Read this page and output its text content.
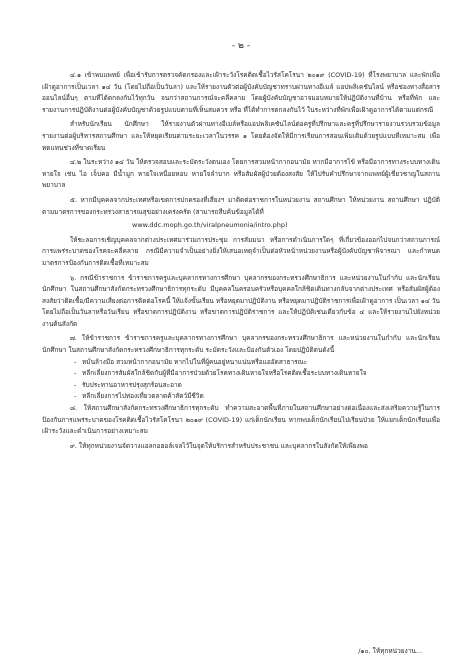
- ๒ -

๔.๑ เข้าพบแพทย์ เพื่อเข้ารับการตรวจคัดกรองและเฝ้าระวังโรคติดเชื้อไวรัสโคโรนา ๒๐๑๙ (COVID-19) ที่โรงพยาบาล และพักเพื่อเฝ้าดูอาการเป็นเวลา ๑๔ วัน (โดยไม่ถือเป็นวันลา) และให้รายงานตัวต่อผู้บังคับบัญชาทราบผ่านทางอีเมล์ แอปพลิเคชันไลน์ หรือช่องทางสื่อสารออนไลน์อื่นๆ ตามที่ได้ตกลงกันไว้ทุกวัน จนกว่าสถานการณ์จะคลี่คลาย โดยผู้บังคับบัญชาอาจมอบหมายให้ปฏิบัติงานที่บ้าน หรือที่พัก และรายงานการปฏิบัติงานต่อผู้บังคับบัญชาด้วยรูปแบบตามที่เห็นสมควร หรือ ที่ได้ทำการตกลงกันไว้ ในระหว่างที่พักเพื่อเฝ้าดูอาการได้ตามแต่กรณี

สำหรับนักเรียน นักศึกษา ให้รายงานตัวผ่านทางอีเมล์หรือแอปพลิเคชันไลน์ต่อครูที่ปรึกษาและครูที่ปรึกษารายงานรวบรวมข้อมูลรายงานต่อผู้บริหารสถานศึกษา และให้หยุดเรียนตามระยะเวลาในวรรค ๑ โดยต้องจัดให้มีการเรียนการสอนเพิ่มเติมด้วยรูปแบบที่เหมาะสม เพื่อทดแทนช่วงที่ขาดเรียน

๔.๒ ในระหว่าง ๑๔ วัน ให้ตรวจสอบและระมัดระวังตนเอง โดยการสวมหน้ากากอนามัย หากมีอาการไข้ หรือมีอาการทางระบบทางเดินหายใจ เช่น ไอ เจ็บคอ มีน้ำมูก หายใจเหนื่อยหอบ หายใจลำบาก หรือสัมผัสผู้ป่วยต้องสงสัย ให้ไปรับคำปรึกษาจากแพทย์ผู้เชี่ยวชาญในสถานพยาบาล

๕. หากมีบุคคลจากประเทศหรือเขตการปกครองที่เสี่ยงฯ มาติดต่อราชการในหน่วยงาน สถานศึกษา ให้หน่วยงาน สถานศึกษา ปฏิบัติตามมาตรการของกระทรวงสาธารณสุขอย่างเคร่งครัด (สามารถสืบค้นข้อมูลได้ที่

www.ddc.moph.go.th/viralpneumonia/intro.php)

ให้ชะลอการเชิญบุคคลจากต่างประเทศมาร่วมการประชุม การสัมมนา หรือการดำเนินการใดๆ ที่เกี่ยวข้องออกไปจนกว่าสถานการณ์การแพร่ระบาดของโรคจะคลี่คลาย กรณีมีความจำเป็นอย่างยิ่งให้เสนอเหตุจำเป็นต่อหัวหน้าหน่วยงานหรือผู้บังคับบัญชาพิจารณา และกำหนดมาตรการป้องกันการติดเชื้อที่เหมาะสม

๖. กรณีข้าราชการ ข้าราชการครูและบุคลากรทางการศึกษา บุคลากรของกระทรวงศึกษาธิการ และหน่วยงานในกำกับ และนักเรียน นักศึกษา ในสถานศึกษาสังกัดกระทรวงศึกษาธิการทุกระดับ มีบุคคลในครอบครัวหรือบุคคลใกล้ชิดเดินทางกลับจากต่างประเทศ หรือสัมผัสผู้ต้องสงสัยว่าติดเชื้อ/มีความเสี่ยงต่อการติดต่อโรคนี้ ให้แจ้งขั้นเรียน หรือหยุดมาปฏิบัติงาน หรือหยุดมาปฏิบัติราชการเพื่อเฝ้าดูอาการ เป็นเวลา ๑๔ วัน โดยไม่ถือเป็นวันลาหรือวันเรียน หรือขาดการปฏิบัติงาน หรือขาดการปฏิบัติราชการ และให้ปฏิบัติเช่นเดียวกับข้อ ๔ และให้รายงานไปยังหน่วยงานต้นสังกัด

๗. ให้ข้าราชการ ข้าราชการครูและบุคลากรทางการศึกษา บุคลากรของกระทรวงศึกษาธิการ และหน่วยงานในกำกับ และนักเรียน นักศึกษา ในสถานศึกษาสังกัดกระทรวงศึกษาธิการทุกระดับ ระมัดระวังและป้องกันตัวเอง โดยปฏิบัติตนดังนี้

- หมั่นล้างมือ สวมหน้ากากอนามัย หากไปในที่ผู้คนอยู่หนาแน่นหรือแออัดสาธารณะ
- หลีกเลี่ยงการสัมผัสใกล้ชิดกับผู้ที่มีอาการป่วยด้วยโรคทางเดินหายใจหรือโรคติดเชื้อระบบทางเดินหายใจ
- รับประทานอาหารปรุงสุกร้อนสะอาด
- หลีกเลี่ยงการไปท่องเที่ยวตลาดค้าสัตว์มีชีวิต

๘. ให้สถานศึกษาสังกัดกระทรวงศึกษาธิการทุกระดับ ทำความสะอาดพื้นที่ภายในสถานศึกษาอย่างต่อเนื่องและส่งเสริมความรู้ในการป้องกันการแพร่ระบาดของโรคติดเชื้อไวรัสโคโรนา ๒๐๑๙ (COVID-19) แก่เด็กนักเรียน หากพบเด็กนักเรียนไปเรียนป่วย ให้แยกเด็กนักเรียนเพื่อเฝ้าระวังและดำเนินการอย่างเหมาะสม

๙. ให้ทุกหน่วยงานจัดวางแอลกอฮอล์เจลไว้ในจุดให้บริการสำหรับประชาชน และบุคลากรในสังกัดให้เพียงพอ

/๑๐. ให้ทุกหน่วยงาน...
